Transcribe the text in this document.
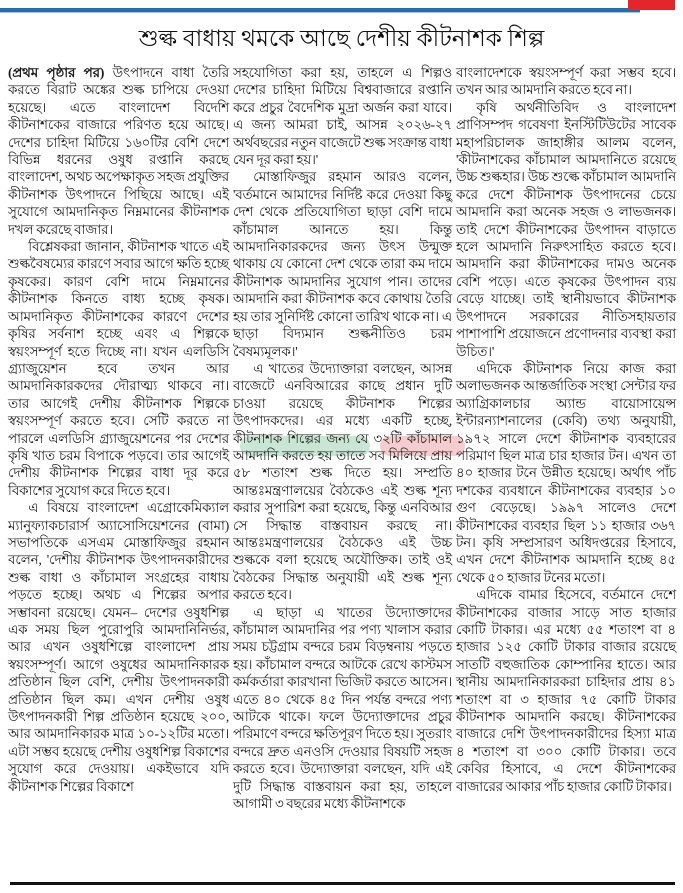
শুল্ক বাধায় থমকে আছে দেশীয় কীটনাশক শিল্প

(প্রথম পৃষ্ঠার পর) উৎপাদনে বাধা তৈরি করতে বিরাট অঙ্কের শুল্ক চাপিয়ে দেওয়া হয়েছে। এতে বাংলাদেশ বিদেশি কীটনাশকের বাজারে পরিণত হয়ে আছে। দেশের চাহিদা মিটিয়ে ১৬০টির বেশি দেশে বিভিন্ন ধরনের ওষুধ রপ্তানি করছে বাংলাদেশ, অথচ অপেক্ষাকৃত সহজ প্রযুক্তির কীটনাশক উৎপাদনে পিছিয়ে আছে। এই সুযোগে আমদানিকৃত নিম্নমানের কীটনাশক দখল করেছে বাজার।

বিশ্লেষকরা জানান, কীটনাশক খাতে এই শুল্কবৈষম্যের কারণে সবার আগে ক্ষতি হচ্ছে কৃষকের। কারণ বেশি দামে নিম্নমানের কীটনাশক কিনতে বাধ্য হচ্ছে কৃষক। আমদানিকৃত কীটনাশকের কারণে দেশের কৃষির সর্বনাশ হচ্ছে এবং এ শিল্পকে স্বয়ংসম্পূর্ণ হতে দিচ্ছে না। যখন এলডিসি গ্র্যাজুয়েশন হবে তখন আর আমদানিকারকদের দৌরাত্ম্য থাকবে না। তার আগেই দেশীয় কীটনাশক শিল্পকে স্বয়ংসম্পূর্ণ করতে হবে। সেটি করতে না পারলে এলডিসি গ্র্যাজুয়েশনের পর দেশের কৃষি খাত চরম বিপাকে পড়বে। তার আগেই দেশীয় কীটনাশক শিল্পের বাধা দূর করে বিকাশের সুযোগ করে দিতে হবে।

এ বিষয়ে বাংলাদেশ এগ্রোকেমিক্যাল ম্যানুফ্যাকচারার্স অ্যাসোসিয়েশনের (বামা) সভাপতিকে এসএম মোস্তাফিজুর রহমান বলেন, 'দেশীয় কীটনাশক উৎপাদনকারীদের শুল্ক বাধা ও কাঁচামাল সংগ্রহের বাধায় পড়তে হচ্ছে। অথচ এ শিল্পের অপার সম্ভাবনা রয়েছে। যেমন– দেশের ওষুধশিল্প এক সময় ছিল পুরোপুরি আমদানিনির্ভর, আর এখন ওষুধশিল্পে বাংলাদেশ প্রায় স্বয়ংসম্পূর্ণ। আগে ওষুধের আমদানিকারক প্রতিষ্ঠান ছিল বেশি, দেশীয় উৎপাদনকারী প্রতিষ্ঠান ছিল কম। এখন দেশীয় ওষুধ উৎপাদনকারী শিল্প প্রতিষ্ঠান হয়েছে ২০০, আর আমদানিকারক মাত্র ১০-১২টির মতো। এটা সম্ভব হয়েছে দেশীয় ওষুধশিল্প বিকাশের সুযোগ করে দেওয়ায়। একইভাবে যদি কীটনাশক শিল্পের বিকাশে

সহযোগিতা করা হয়, তাহলে এ শিল্পও দেশের চাহিদা মিটিয়ে বিশ্ববাজারে রপ্তানি করে প্রচুর বৈদেশিক মুদ্রা অর্জন করা যাবে। এ জন্য আমরা চাই, আসন্ন ২০২৬-২৭ অর্থবছরের নতুন বাজেটে শুল্ক সংক্রান্ত বাধা যেন দূর করা হয়।'

মোস্তাফিজুর রহমান আরও বলেন, 'বর্তমানে আমাদের নির্দিষ্ট করে দেওয়া কিছু দেশ থেকে প্রতিযোগিতা ছাড়া বেশি দামে কাঁচামাল আনতে হয়। কিন্তু আমদানিকারকদের জন্য উৎস উন্মুক্ত থাকায় যে কোনো দেশ থেকে তারা কম দামে কীটনাশক আমদানির সুযোগ পান। তাদের আমদানি করা কীটনাশক কবে কোথায় তৈরি হয় তার সুনির্দিষ্ট কোনো তারিখ থাকে না। এ ছাড়া বিদ্যমান শুল্কনীতিও চরম বৈষম্যমূলক।'

এ খাতের উদ্যোক্তারা বলছেন, আসন্ন বাজেটে এনবিআরের কাছে প্রধান দুটি চাওয়া রয়েছে কীটনাশক শিল্পের উৎপাদকদের। এর মধ্যে একটি হচ্ছে, কীটনাশক শিল্পের জন্য যে ৩২টি কাঁচামাল আমদানি করতে হয় তাতে সব মিলিয়ে প্রায় ৫৮ শতাংশ শুল্ক দিতে হয়। সম্প্রতি আন্তঃমন্ত্রণালয়ের বৈঠকেও এই শুল্ক শূন্য করার সুপারিশ করা হয়েছে, কিন্তু এনবিআর সে সিদ্ধান্ত বাস্তবায়ন করছে না। আন্তঃমন্ত্রণালয়ের বৈঠকেও এই উচ্চ শুল্ককে বলা হয়েছে অযৌক্তিক। তাই ওই বৈঠকের সিদ্ধান্ত অনুযায়ী এই শুল্ক শূন্য করতে হবে।

এ ছাড়া এ খাতের উদ্যোক্তাদের কাঁচামাল আমদানির পর পণ্য খালাস করার সময় চট্টগ্রাম বন্দরে চরম বিড়ম্বনায় পড়তে হয়। কাঁচামাল বন্দরে আটকে রেখে কাস্টমস কর্মকর্তারা কারখানা ভিজিট করতে আসেন। এতে ৪০ থেকে ৪৫ দিন পর্যন্ত বন্দরে পণ্য আটকে থাকে। ফলে উদ্যোক্তাদের প্রচুর পরিমাণে বন্দরে ক্ষতিপূরণ দিতে হয়। সুতরাং বন্দরে দ্রুত এনওসি দেওয়ার বিষয়টি সহজ করতে হবে। উদ্যোক্তারা বলছেন, যদি এই দুটি সিদ্ধান্ত বাস্তবায়ন করা হয়, তাহলে আগামী ৩ বছরের মধ্যে কীটনাশকে

বাংলাদেশকে স্বয়ংসম্পূর্ণ করা সম্ভব হবে। তখন আর আমদানি করতে হবে না।

কৃষি অর্থনীতিবিদ ও বাংলাদেশ প্রাণিসম্পদ গবেষণা ইনস্টিটিউটের সাবেক মহাপরিচালক জাহাঙ্গীর আলম বলেন, 'কীটনাশকের কাঁচামাল আমদানিতে রয়েছে উচ্চ শুল্কহার। উচ্চ শুল্কে কাঁচামাল আমদানি করে দেশে কীটনাশক উৎপাদনের চেয়ে আমদানি করা অনেক সহজ ও লাভজনক। তাই দেশে কীটনাশকের উৎপাদন বাড়াতে হলে আমদানি নিরুৎসাহিত করতে হবে। আমদানি করা কীটনাশকের দামও অনেক বেশি পড়ে। এতে কৃষকের উৎপাদন ব্যয় বেড়ে যাচ্ছে। তাই স্থানীয়ভাবে কীটনাশক উৎপাদনে সরকারের নীতিসহায়তার পাশাপাশি প্রয়োজনে প্রণোদনার ব্যবস্থা করা উচিত।'

এদিকে কীটনাশক নিয়ে কাজ করা অলাভজনক আন্তর্জাতিক সংস্থা সেন্টার ফর অ্যাগ্রিকালচার অ্যান্ড বায়োসায়েন্স ইন্টারন্যাশনালের (কেবি) তথ্য অনুযায়ী, ১৯৭২ সালে দেশে কীটনাশক ব্যবহারের পরিমাণ ছিল মাত্র চার হাজার টন। এখন তা ৪০ হাজার টনে উন্নীত হয়েছে। অর্থাৎ পাঁচ দশকের ব্যবধানে কীটনাশকের ব্যবহার ১০ গুণ বেড়েছে। ১৯৯৭ সালেও দেশে কীটনাশকের ব্যবহার ছিল ১১ হাজার ৩৬৭ টন। কৃষি সম্প্রসারণ অধিদপ্তরের হিসাবে, এখন দেশে কীটনাশক আমদানি হচ্ছে ৪৫ থেকে ৫০ হাজার টনের মতো।

এদিকে বামার হিসেবে, বর্তমানে দেশে কীটনাশকের বাজার সাড়ে সাত হাজার কোটি টাকার। এর মধ্যে ৫৫ শতাংশ বা ৪ হাজার ১২৫ কোটি টাকার বাজার রয়েছে সাতটি বহুজাতিক কোম্পানির হাতে। আর স্থানীয় আমদানিকারকরা চাহিদার প্রায় ৪১ শতাংশ বা ৩ হাজার ৭৫ কোটি টাকার কীটনাশক আমদানি করছে। কীটনাশকের বাজারে দেশি উৎপাদনকারীদের হিস্যা মাত্র ৪ শতাংশ বা ৩০০ কোটি টাকার। তবে কেবির হিসাবে, এ দেশে কীটনাশকের বাজারের আকার পাঁচ হাজার কোটি টাকার।
